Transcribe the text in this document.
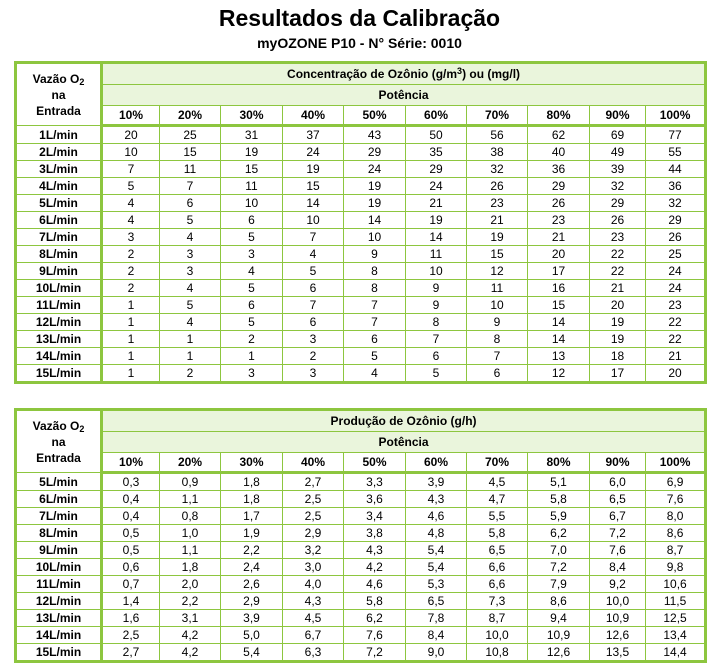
Resultados da Calibração
myOZONE P10 - N° Série: 0010
Vazão $O_2$
na
Entrada	Concentração de Ozônio $(g/m^3)$ ou (mg/l)									
	Potência									
	10%	20%	30%	40%	50%	60%	70%	80%	90%	100%
1L/min	20	25	31	37	43	50	56	62	69	77
2L/min	10	15	19	24	29	35	38	40	49	55
3L/min	7	11	15	19	24	29	32	36	39	44
4L/min	5	7	11	15	19	24	26	29	32	36
5L/min	4	6	10	14	19	21	23	26	29	32
6L/min	4	5	6	10	14	19	21	23	26	29
7L/min	3	4	5	7	10	14	19	21	23	26
8L/min	2	3	3	4	9	11	15	20	22	25
9L/min	2	3	4	5	8	10	12	17	22	24
10L/min	2	4	5	6	8	9	11	16	21	24
11L/min	1	5	6	7	7	9	10	15	20	23
12L/min	1	4	5	6	7	8	9	14	19	22
13L/min	1	1	2	3	6	7	8	14	19	22
14L/min	1	1	1	2	5	6	7	13	18	21
15L/min	1	2	3	3	4	5	6	12	17	20
Vazão $O_2$
na
Entrada	Produção de Ozônio (g/h)									
	Potência									
	10%	20%	30%	40%	50%	60%	70%	80%	90%	100%
5L/min	0,3	0,9	1,8	2,7	3,3	3,9	4,5	5,1	6,0	6,9
6L/min	0,4	1,1	1,8	2,5	3,6	4,3	4,7	5,8	6,5	7,6
7L/min	0,4	0,8	1,7	2,5	3,4	4,6	5,5	5,9	6,7	8,0
8L/min	0,5	1,0	1,9	2,9	3,8	4,8	5,8	6,2	7,2	8,6
9L/min	0,5	1,1	2,2	3,2	4,3	5,4	6,5	7,0	7,6	8,7
10L/min	0,6	1,8	2,4	3,0	4,2	5,4	6,6	7,2	8,4	9,8
11L/min	0,7	2,0	2,6	4,0	4,6	5,3	6,6	7,9	9,2	10,6
12L/min	1,4	2,2	2,9	4,3	5,8	6,5	7,3	8,6	10,0	11,5
13L/min	1,6	3,1	3,9	4,5	6,2	7,8	8,7	9,4	10,9	12,5
14L/min	2,5	4,2	5,0	6,7	7,6	8,4	10,0	10,9	12,6	13,4
15L/min	2,7	4,2	5,4	6,3	7,2	9,0	10,8	12,6	13,5	14,4
